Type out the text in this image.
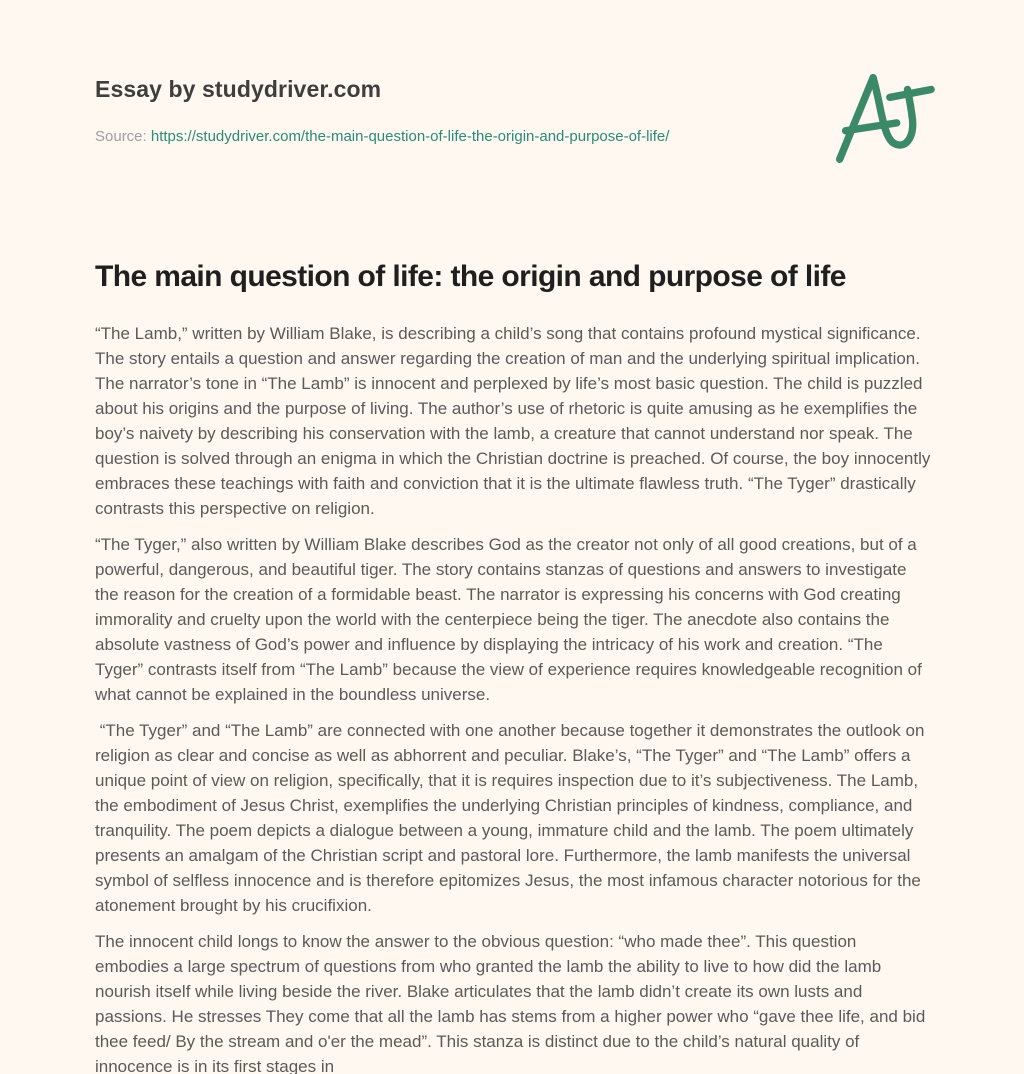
Essay by studydriver.com
Source: https://studydriver.com/the-main-question-of-life-the-origin-and-purpose-of-life/
The main question of life: the origin and purpose of life

“The Lamb,” written by William Blake, is describing a child’s song that contains profound mystical significance. The story entails a question and answer regarding the creation of man and the underlying spiritual implication. The narrator’s tone in “The Lamb” is innocent and perplexed by life’s most basic question. The child is puzzled about his origins and the purpose of living. The author’s use of rhetoric is quite amusing as he exemplifies the boy’s naivety by describing his conservation with the lamb, a creature that cannot understand nor speak. The question is solved through an enigma in which the Christian doctrine is preached. Of course, the boy innocently embraces these teachings with faith and conviction that it is the ultimate flawless truth. “The Tyger” drastically contrasts this perspective on religion.

“The Tyger,” also written by William Blake describes God as the creator not only of all good creations, but of a powerful, dangerous, and beautiful tiger. The story contains stanzas of questions and answers to investigate the reason for the creation of a formidable beast. The narrator is expressing his concerns with God creating immorality and cruelty upon the world with the centerpiece being the tiger. The anecdote also contains the absolute vastness of God’s power and influence by displaying the intricacy of his work and creation. “The Tyger” contrasts itself from “The Lamb” because the view of experience requires knowledgeable recognition of what cannot be explained in the boundless universe.

“The Tyger” and “The Lamb” are connected with one another because together it demonstrates the outlook on religion as clear and concise as well as abhorrent and peculiar. Blake’s, “The Tyger” and “The Lamb” offers a unique point of view on religion, specifically, that it is requires inspection due to it’s subjectiveness. The Lamb, the embodiment of Jesus Christ, exemplifies the underlying Christian principles of kindness, compliance, and tranquility. The poem depicts a dialogue between a young, immature child and the lamb. The poem ultimately presents an amalgam of the Christian script and pastoral lore. Furthermore, the lamb manifests the universal symbol of selfless innocence and is therefore epitomizes Jesus, the most infamous character notorious for the atonement brought by his crucifixion.

The innocent child longs to know the answer to the obvious question: “who made thee”. This question embodies a large spectrum of questions from who granted the lamb the ability to live to how did the lamb nourish itself while living beside the river. Blake articulates that the lamb didn’t create its own lusts and passions. He stresses They come that all the lamb has stems from a higher power who “gave thee life, and bid thee feed/ By the stream and o'er the mead”. This stanza is distinct due to the child’s natural quality of innocence is in its first stages in
